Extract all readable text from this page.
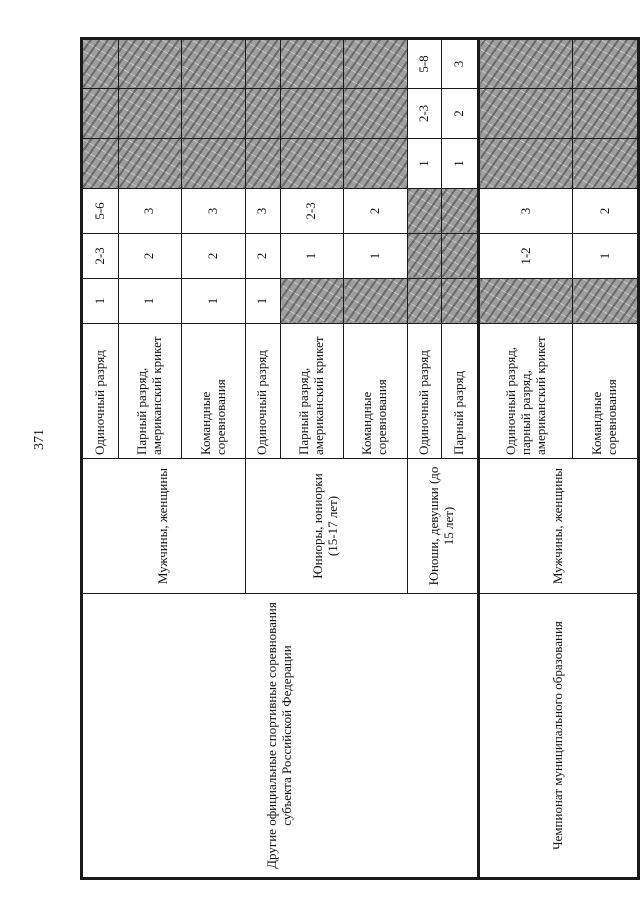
371
Другие официальные спортивные соревнования субъекта Российской Федерации	Мужчины, женщины	Одиночный разряд	1	2-3	5-6			
		Парный разряд, американский крикет	1	2	3			
		Командные соревнования	1	2	3			
	Юниоры, юниорки (15-17 лет)	Одиночный разряд	1	2	3			
		Парный разряд, американский крикет		1	2-3			
		Командные соревнования		1	2			
	Юноши, девушки (до 15 лет)	Одиночный разряд				1	2-3	5-8
		Парный разряд				1	2	3
Чемпионат муниципального образования	Мужчины, женщины	Одиночный разряд, парный разряд, американский крикет		1-2	3			
		Командные соревнования		1	2			
